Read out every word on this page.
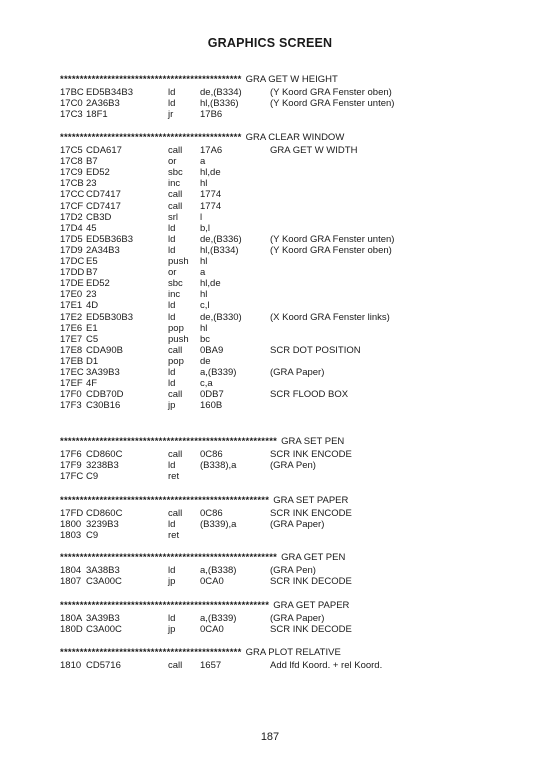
GRAPHICS SCREEN
********************************************** GRA GET W HEIGHT
17BC ED5B34B3	ld	de,(B334)	(Y Koord GRA Fenster oben)
17C0 2A36B3	ld	hl,(B336)	(Y Koord GRA Fenster unten)
17C3 18F1	jr	17B6
********************************************** GRA CLEAR WINDOW
17C5 CDA617	call 17A6	GRA GET W WIDTH
17C8 B7	or a
17C9 ED52	sbc hl,de
17CB 23	inc hl
17CC CD7417	call 1774
17CF CD7417	call 1774
17D2 CB3D	srl l
17D4 45	ld	b,l
17D5 ED5B36B3	ld	de,(B336)	(Y Koord GRA Fenster unten)
17D9 2A34B3	ld	hl,(B334)	(Y Koord GRA Fenster oben)
17DC E5	push hl
17DD B7	or a
17DE ED52	sbc hl,de
17E0 23	inc hl
17E1 4D	ld	c,l
17E2 ED5B30B3	ld	de,(B330)	(X Koord GRA Fenster links)
17E6 E1	pop hl
17E7 C5	push bc
17E8 CDA90B	call 0BA9	SCR DOT POSITION
17EB D1	pop de
17EC 3A39B3	ld	a,(B339)	(GRA Paper)
17EF 4F	ld	c,a
17F0 CDB70D	call 0DB7	SCR FLOOD BOX
17F3 C30B16	jp	160B
******************************************************* GRA SET PEN
17F6 CD860C	call 0C86	SCR INK ENCODE
17F9 3238B3	ld	(B338),a	(GRA Pen)
17FC C9	ret
***************************************************** GRA SET PAPER
17FD CD860C	call 0C86	SCR INK ENCODE
1800 3239B3	ld	(B339),a	(GRA Paper)
1803 C9	ret
******************************************************* GRA GET PEN
1804 3A38B3	ld	a,(B338)	(GRA Pen)
1807 C3A00C	jp	0CA0	SCR INK DECODE
***************************************************** GRA GET PAPER
180A 3A39B3	ld	a,(B339)	(GRA Paper)
180D C3A00C	jp	0CA0	SCR INK DECODE
********************************************** GRA PLOT RELATIVE
1810 CD5716	call 1657	Add lfd Koord. + rel Koord.
187
